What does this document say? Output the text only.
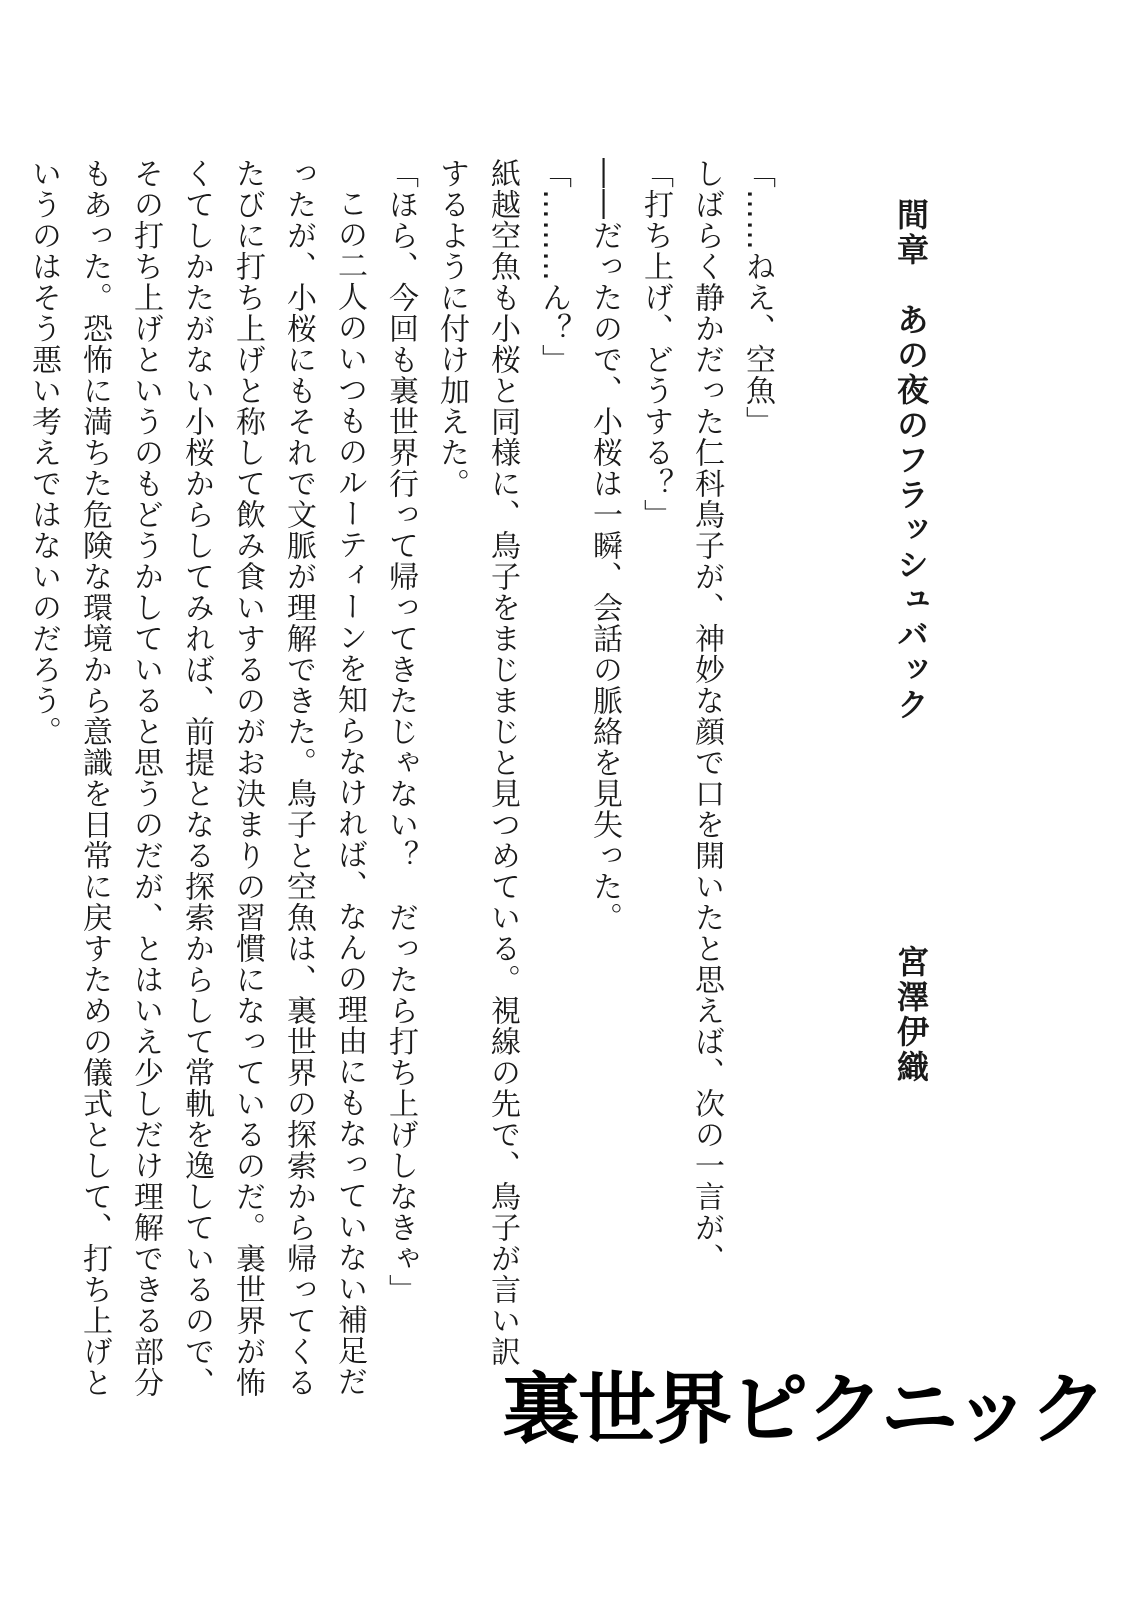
間章　あの夜のフラッシュバック
宮澤伊織
「……ねえ、空魚」
しばらく静かだった仁科鳥子が、神妙な顔で口を開いたと思えば、次の一言が、
「打ち上げ、どうする？」
――だったので、小桜は一瞬、会話の脈絡を見失った。
「………ん？」
紙越空魚も小桜と同様に、鳥子をまじまじと見つめている。視線の先で、鳥子が言い訳
するように付け加えた。
「ほら、今回も裏世界行って帰ってきたじゃない？　だったら打ち上げしなきゃ」
この二人のいつものルーティーンを知らなければ、なんの理由にもなっていない補足だ
ったが、小桜にもそれで文脈が理解できた。鳥子と空魚は、裏世界の探索から帰ってくる
たびに打ち上げと称して飲み食いするのがお決まりの習慣になっているのだ。裏世界が怖
くてしかたがない小桜からしてみれば、前提となる探索からして常軌を逸しているので、
その打ち上げというのもどうかしていると思うのだが、とはいえ少しだけ理解できる部分
もあった。恐怖に満ちた危険な環境から意識を日常に戻すための儀式として、打ち上げと
いうのはそう悪い考えではないのだろう。
裏世界ピクニック
